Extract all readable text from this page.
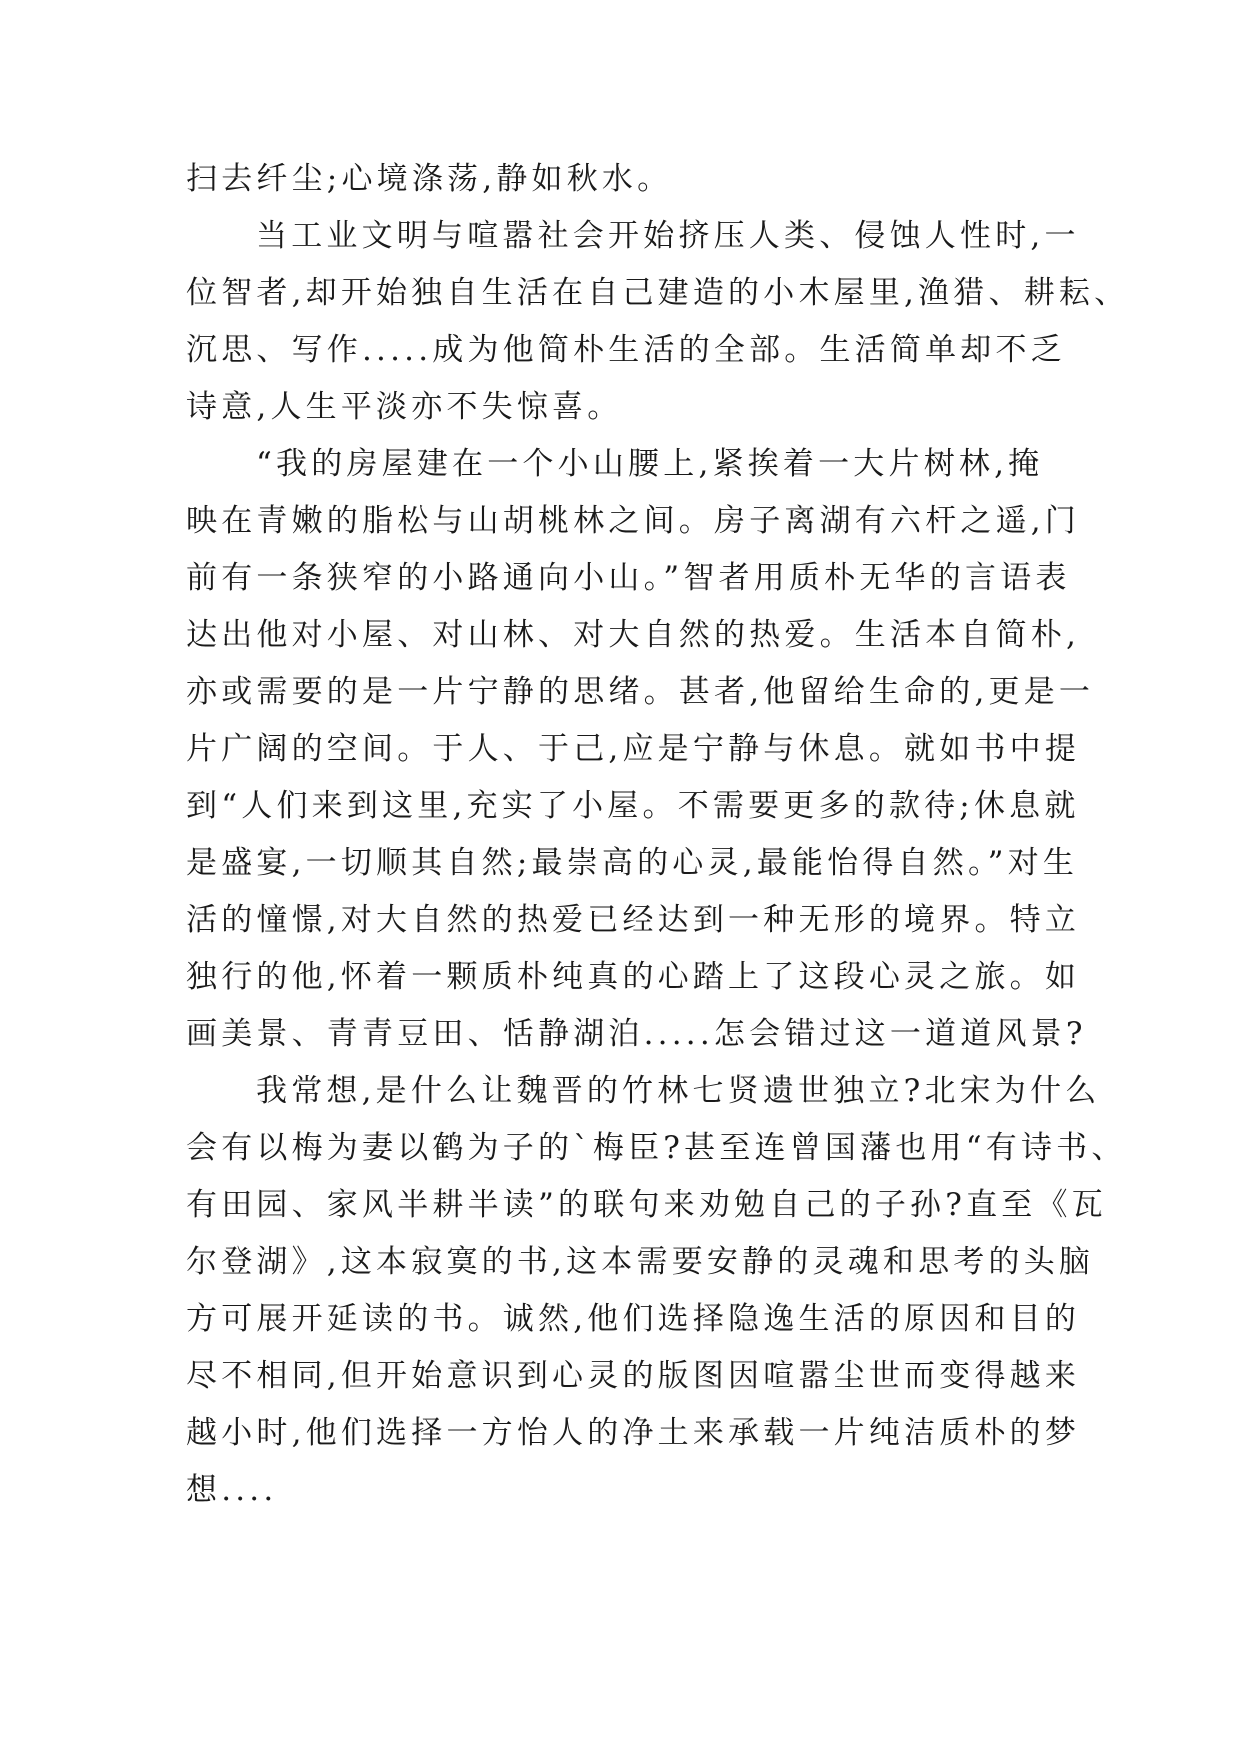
扫去纤尘;心境涤荡,静如秋水。
当工业文明与喧嚣社会开始挤压人类、侵蚀人性时,一
位智者,却开始独自生活在自己建造的小木屋里,渔猎、耕耘、
沉思、写作.....成为他简朴生活的全部。生活简单却不乏
诗意,人生平淡亦不失惊喜。
“我的房屋建在一个小山腰上,紧挨着一大片树林,掩
映在青嫩的脂松与山胡桃林之间。房子离湖有六杆之遥,门
前有一条狭窄的小路通向小山。”智者用质朴无华的言语表
达出他对小屋、对山林、对大自然的热爱。生活本自简朴,
亦或需要的是一片宁静的思绪。甚者,他留给生命的,更是一
片广阔的空间。于人、于己,应是宁静与休息。就如书中提
到“人们来到这里,充实了小屋。不需要更多的款待;休息就
是盛宴,一切顺其自然;最崇高的心灵,最能怡得自然。”对生
活的憧憬,对大自然的热爱已经达到一种无形的境界。特立
独行的他,怀着一颗质朴纯真的心踏上了这段心灵之旅。如
画美景、青青豆田、恬静湖泊.....怎会错过这一道道风景?
我常想,是什么让魏晋的竹林七贤遗世独立?北宋为什么
会有以梅为妻以鹤为子的`梅臣?甚至连曾国藩也用“有诗书、
有田园、家风半耕半读”的联句来劝勉自己的子孙?直至《瓦
尔登湖》,这本寂寞的书,这本需要安静的灵魂和思考的头脑
方可展开延读的书。诚然,他们选择隐逸生活的原因和目的
尽不相同,但开始意识到心灵的版图因喧嚣尘世而变得越来
越小时,他们选择一方怡人的净土来承载一片纯洁质朴的梦
想....
